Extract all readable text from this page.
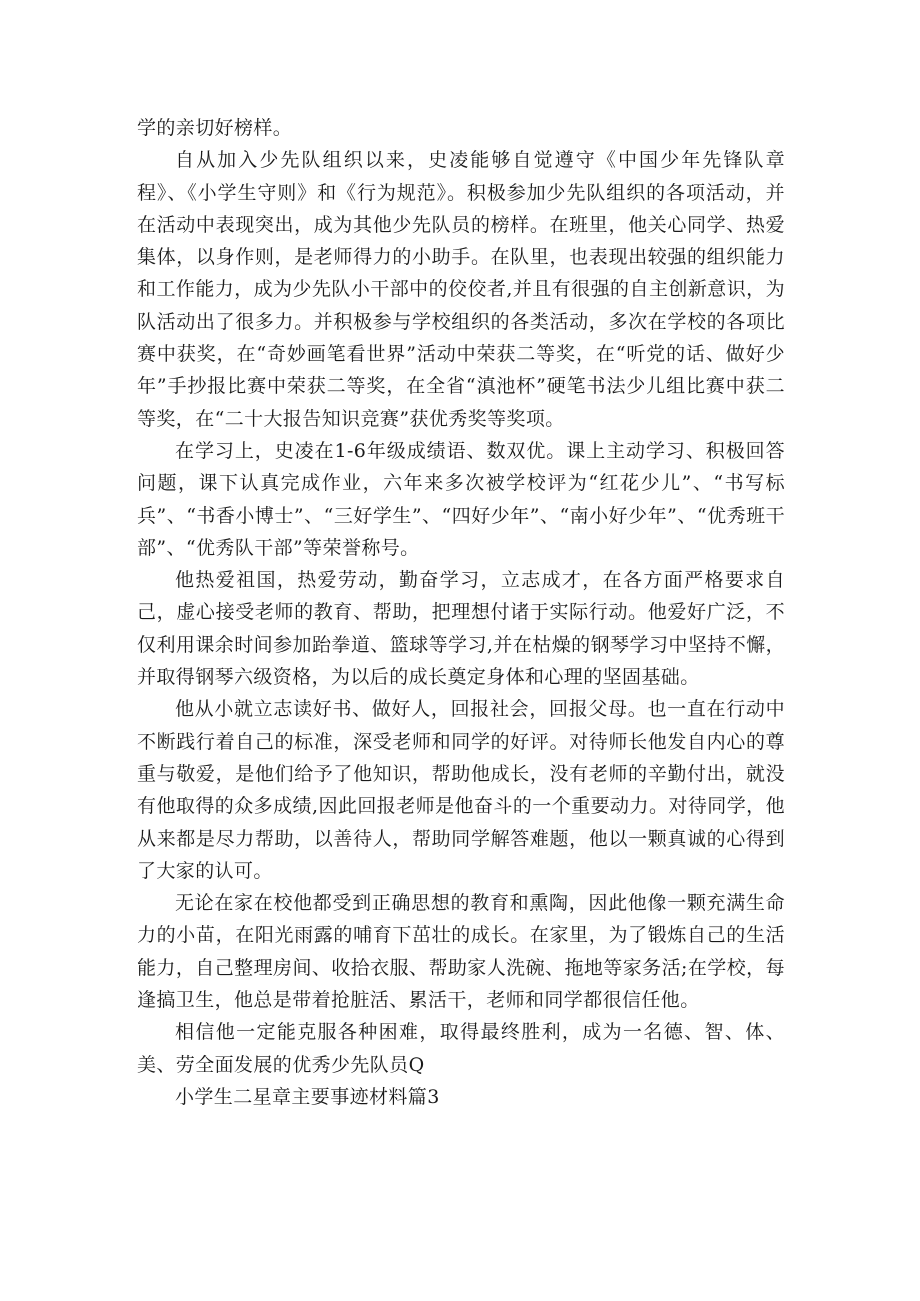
学的亲切好榜样。

自从加入少先队组织以来，史凌能够自觉遵守《中国少年先锋队章程》、《小学生守则》和《行为规范》。积极参加少先队组织的各项活动，并在活动中表现突出，成为其他少先队员的榜样。在班里，他关心同学、热爱集体，以身作则，是老师得力的小助手。在队里，也表现出较强的组织能力和工作能力，成为少先队小干部中的佼佼者,并且有很强的自主创新意识，为队活动出了很多力。并积极参与学校组织的各类活动，多次在学校的各项比赛中获奖，在“奇妙画笔看世界”活动中荣获二等奖，在“听党的话、做好少年”手抄报比赛中荣获二等奖，在全省“滇池杯”硬笔书法少儿组比赛中获二等奖，在“二十大报告知识竞赛”获优秀奖等奖项。

在学习上，史凌在1-6年级成绩语、数双优。课上主动学习、积极回答问题，课下认真完成作业，六年来多次被学校评为“红花少儿”、“书写标兵”、“书香小博士”、“三好学生”、“四好少年”、“南小好少年”、“优秀班干部”、“优秀队干部”等荣誉称号。

他热爱祖国，热爱劳动，勤奋学习，立志成才，在各方面严格要求自己，虚心接受老师的教育、帮助，把理想付诸于实际行动。他爱好广泛，不仅利用课余时间参加跆拳道、篮球等学习,并在枯燥的钢琴学习中坚持不懈，并取得钢琴六级资格，为以后的成长奠定身体和心理的坚固基础。

他从小就立志读好书、做好人，回报社会，回报父母。也一直在行动中不断践行着自己的标准，深受老师和同学的好评。对待师长他发自内心的尊重与敬爱，是他们给予了他知识，帮助他成长，没有老师的辛勤付出，就没有他取得的众多成绩,因此回报老师是他奋斗的一个重要动力。对待同学，他从来都是尽力帮助，以善待人，帮助同学解答难题，他以一颗真诚的心得到了大家的认可。

无论在家在校他都受到正确思想的教育和熏陶，因此他像一颗充满生命力的小苗，在阳光雨露的哺育下茁壮的成长。在家里，为了锻炼自己的生活能力，自己整理房间、收拾衣服、帮助家人洗碗、拖地等家务活;在学校，每逢搞卫生，他总是带着抢脏活、累活干，老师和同学都很信任他。

相信他一定能克服各种困难，取得最终胜利，成为一名德、智、体、美、劳全面发展的优秀少先队员Q

小学生二星章主要事迹材料篇3
